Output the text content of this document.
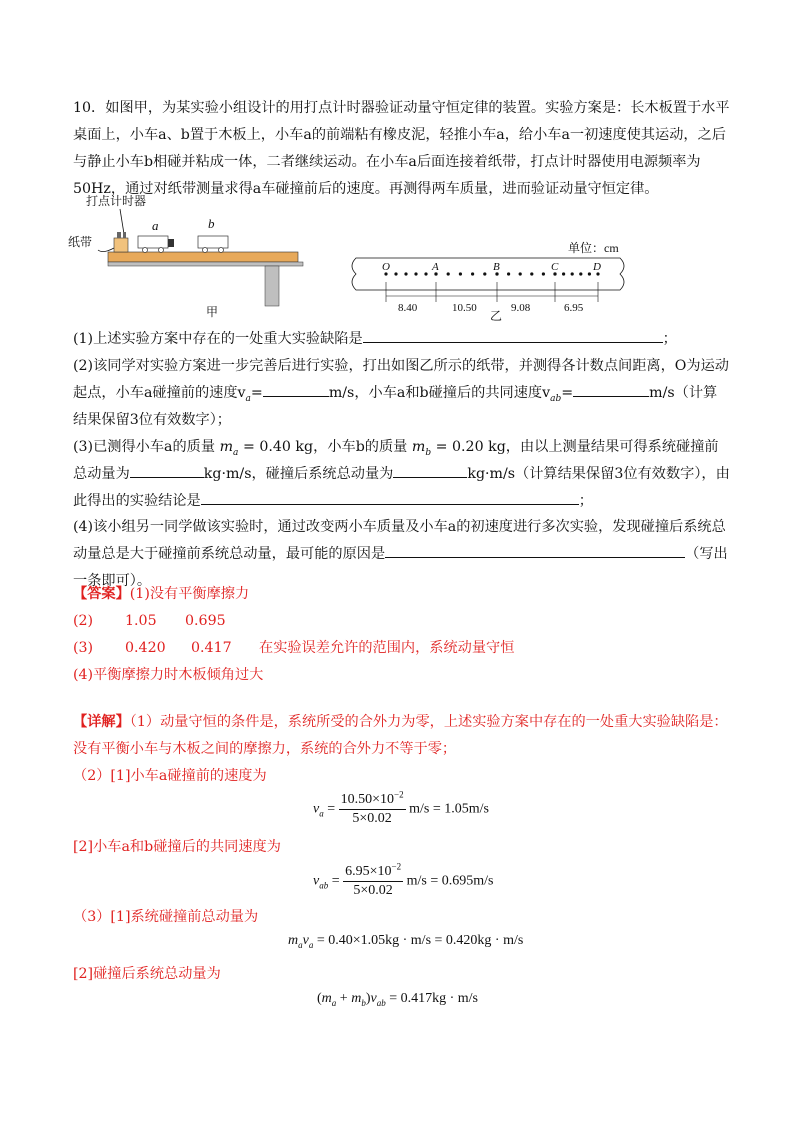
10．如图甲，为某实验小组设计的用打点计时器验证动量守恒定律的装置。实验方案是：长木板置于水平桌面上，小车a、b置于木板上，小车a的前端粘有橡皮泥，轻推小车a，给小车a一初速度使其运动，之后与静止小车b相碰并粘成一体，二者继续运动。在小车a后面连接着纸带，打点计时器使用电源频率为50Hz，通过对纸带测量求得a车碰撞前后的速度。再测得两车质量，进而验证动量守恒定律。
打点计时器
纸带
a	b
甲
单位：cm
O	A	B	C	D
8.40	10.50	9.08	6.95
乙
(1)上述实验方案中存在的一处重大实验缺陷是	；
(2)该同学对实验方案进一步完善后进行实验，打出如图乙所示的纸带，并测得各计数点间距离，O为运动起点，小车a碰撞前的速度$v_a=$	m/s，小车a和b碰撞后的共同速度$v_{ab}=$	m/s（计算结果保留3位有效数字）；
(3)已测得小车a的质量 $m_a = 0.40$ kg，小车b的质量 $m_b = 0.20$ kg，由以上测量结果可得系统碰撞前总动量为	kg·m/s，碰撞后系统总动量为	kg·m/s（计算结果保留3位有效数字），由此得出的实验结论是	；
(4)该小组另一同学做该实验时，通过改变两小车质量及小车a的初速度进行多次实验，发现碰撞后系统总动量总是大于碰撞前系统总动量，最可能的原因是	（写出一条即可）。
【答案】(1)没有平衡摩擦力
(2) 1.05 0.695
(3) 0.420 0.417 在实验误差允许的范围内，系统动量守恒
(4)平衡摩擦力时木板倾角过大
【详解】（1）动量守恒的条件是，系统所受的合外力为零，上述实验方案中存在的一处重大实验缺陷是：没有平衡小车与木板之间的摩擦力，系统的合外力不等于零；
（2）[1]小车a碰撞前的速度为
$v_a = \frac{10.50\times 10^{-2}}{5\times 0.02} m/s = 1.05m/s$
[2]小车a和b碰撞后的共同速度为
$v_{ab} = \frac{6.95\times 10^{-2}}{5\times 0.02} m/s = 0.695m/s$
（3）[1]系统碰撞前总动量为
$m_av_a = 0.40\times 1.05kg \cdot m/s = 0.420kg \cdot m/s$
[2]碰撞后系统总动量为
$(m_a + m_b)v_{ab} = 0.417kg \cdot m/s$
